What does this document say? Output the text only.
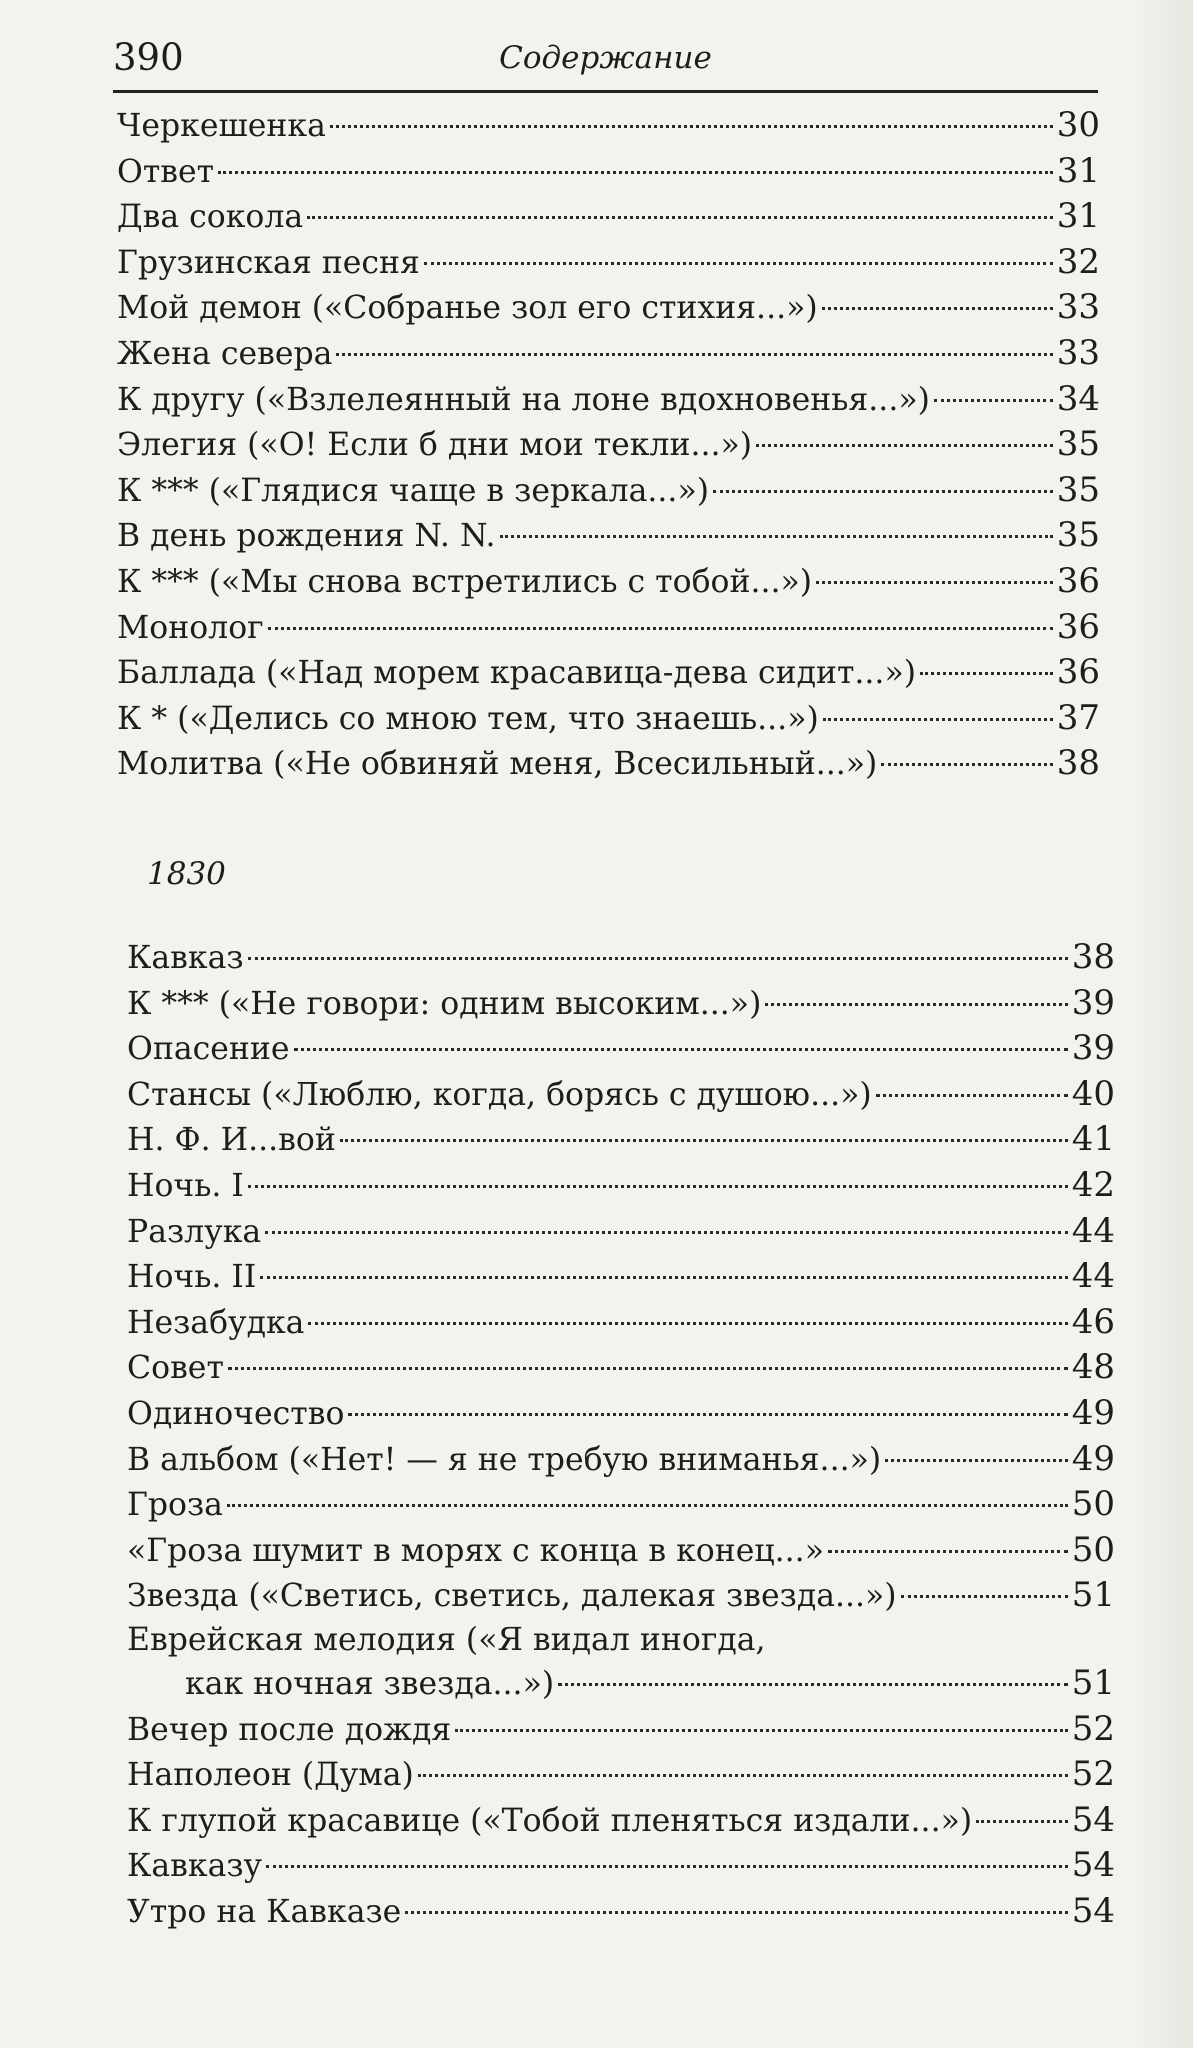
390	Содержание
Черкешенка	30
Ответ	31
Два сокола	31
Грузинская песня	32
Мой демон («Собранье зол его стихия...»)	33
Жена севера	33
К другу («Взлелеянный на лоне вдохновенья...»)	34
Элегия («О! Если б дни мои текли...»)	35
К *** («Глядися чаще в зеркала...»)	35
В день рождения N. N.	35
К *** («Мы снова встретились с тобой...»)	36
Монолог	36
Баллада («Над морем красавица-дева сидит...»)	36
К * («Делись со мною тем, что знаешь...»)	37
Молитва («Не обвиняй меня, Всесильный...»)	38
1830
Кавказ	38
К *** («Не говори: одним высоким...»)	39
Опасение	39
Стансы («Люблю, когда, борясь с душою...»)	40
Н. Ф. И...вой	41
Ночь. I	42
Разлука	44
Ночь. II	44
Незабудка	46
Совет	48
Одиночество	49
В альбом («Нет! — я не требую вниманья...»)	49
Гроза	50
«Гроза шумит в морях с конца в конец...»	50
Звезда («Светись, светись, далекая звезда...»)	51
Еврейская мелодия («Я видал иногда,
как ночная звезда...»)	51
Вечер после дождя	52
Наполеон (Дума)	52
К глупой красавице («Тобой пленяться издали...»)	54
Кавказу	54
Утро на Кавказе	54
